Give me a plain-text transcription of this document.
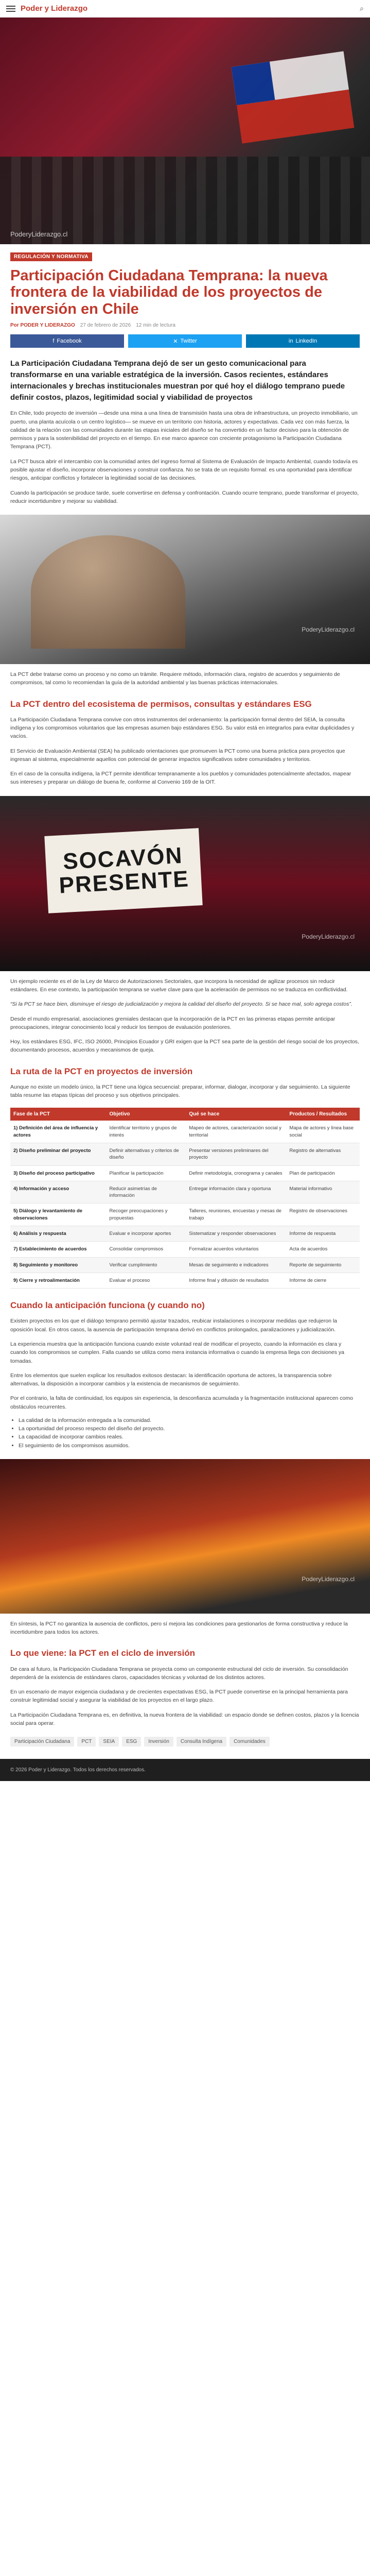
Poder y Liderazgo	⌕
PoderyLiderazgo.cl
REGULACIÓN Y NORMATIVA
Participación Ciudadana Temprana: la nueva frontera de la viabilidad de los proyectos de inversión en Chile
Por PODER Y LIDERAZGO 27 de febrero de 2026 12 min de lectura
f Facebook	✕ Twitter	in LinkedIn

La Participación Ciudadana Temprana dejó de ser un gesto comunicacional para transformarse en una variable estratégica de la inversión. Casos recientes, estándares internacionales y brechas institucionales muestran por qué hoy el diálogo temprano puede definir costos, plazos, legitimidad social y viabilidad de proyectos

En Chile, todo proyecto de inversión —desde una mina a una línea de transmisión hasta una obra de infraestructura, un proyecto inmobiliario, un puerto, una planta acuícola o un centro logístico— se mueve en un territorio con historia, actores y expectativas. Cada vez con más fuerza, la calidad de la relación con las comunidades durante las etapas iniciales del diseño se ha convertido en un factor decisivo para la obtención de permisos y para la sostenibilidad del proyecto en el tiempo. En ese marco aparece con creciente protagonismo la Participación Ciudadana Temprana (PCT).

La PCT busca abrir el intercambio con la comunidad antes del ingreso formal al Sistema de Evaluación de Impacto Ambiental, cuando todavía es posible ajustar el diseño, incorporar observaciones y construir confianza. No se trata de un requisito formal: es una oportunidad para identificar riesgos, anticipar conflictos y fortalecer la legitimidad social de las decisiones.

Cuando la participación se produce tarde, suele convertirse en defensa y confrontación. Cuando ocurre temprano, puede transformar el proyecto, reducir incertidumbre y mejorar su viabilidad.

PoderyLiderazgo.cl

La PCT debe tratarse como un proceso y no como un trámite. Requiere método, información clara, registro de acuerdos y seguimiento de compromisos, tal como lo recomiendan la guía de la autoridad ambiental y las buenas prácticas internacionales.

La PCT dentro del ecosistema de permisos, consultas y estándares ESG

La Participación Ciudadana Temprana convive con otros instrumentos del ordenamiento: la participación formal dentro del SEIA, la consulta indígena y los compromisos voluntarios que las empresas asumen bajo estándares ESG. Su valor está en integrarlos para evitar duplicidades y vacíos.

El Servicio de Evaluación Ambiental (SEA) ha publicado orientaciones que promueven la PCT como una buena práctica para proyectos que ingresan al sistema, especialmente aquellos con potencial de generar impactos significativos sobre comunidades y territorios.

En el caso de la consulta indígena, la PCT permite identificar tempranamente a los pueblos y comunidades potencialmente afectados, mapear sus intereses y preparar un diálogo de buena fe, conforme al Convenio 169 de la OIT.

SOCAVÓN PRESENTE
PoderyLiderazgo.cl

Un ejemplo reciente es el de la Ley de Marco de Autorizaciones Sectoriales, que incorpora la necesidad de agilizar procesos sin reducir estándares. En ese contexto, la participación temprana se vuelve clave para que la aceleración de permisos no se traduzca en conflictividad.

“Si la PCT se hace bien, disminuye el riesgo de judicialización y mejora la calidad del diseño del proyecto. Si se hace mal, solo agrega costos”.

Desde el mundo empresarial, asociaciones gremiales destacan que la incorporación de la PCT en las primeras etapas permite anticipar preocupaciones, integrar conocimiento local y reducir los tiempos de evaluación posteriores.

Hoy, los estándares ESG, IFC, ISO 26000, Principios Ecuador y GRI exigen que la PCT sea parte de la gestión del riesgo social de los proyectos, documentando procesos, acuerdos y mecanismos de queja.

La ruta de la PCT en proyectos de inversión

Aunque no existe un modelo único, la PCT tiene una lógica secuencial: preparar, informar, dialogar, incorporar y dar seguimiento. La siguiente tabla resume las etapas típicas del proceso y sus objetivos principales.

Fase de la PCT	Objetivo	Qué se hace	Productos / Resultados
1) Definición del área de influencia y actores	Identificar territorio y grupos de interés	Mapeo de actores, caracterización social y territorial	Mapa de actores y línea base social
2) Diseño preliminar del proyecto	Definir alternativas y criterios de diseño	Presentar versiones preliminares del proyecto	Registro de alternativas
3) Diseño del proceso participativo	Planificar la participación	Definir metodología, cronograma y canales	Plan de participación
4) Información y acceso	Reducir asimetrías de información	Entregar información clara y oportuna	Material informativo
5) Diálogo y levantamiento de observaciones	Recoger preocupaciones y propuestas	Talleres, reuniones, encuestas y mesas de trabajo	Registro de observaciones
6) Análisis y respuesta	Evaluar e incorporar aportes	Sistematizar y responder observaciones	Informe de respuesta
7) Establecimiento de acuerdos	Consolidar compromisos	Formalizar acuerdos voluntarios	Acta de acuerdos
8) Seguimiento y monitoreo	Verificar cumplimiento	Mesas de seguimiento e indicadores	Reporte de seguimiento
9) Cierre y retroalimentación	Evaluar el proceso	Informe final y difusión de resultados	Informe de cierre
Cuando la anticipación funciona (y cuando no)

Existen proyectos en los que el diálogo temprano permitió ajustar trazados, reubicar instalaciones o incorporar medidas que redujeron la oposición local. En otros casos, la ausencia de participación temprana derivó en conflictos prolongados, paralizaciones y judicialización.

La experiencia muestra que la anticipación funciona cuando existe voluntad real de modificar el proyecto, cuando la información es clara y cuando los compromisos se cumplen. Falla cuando se utiliza como mera instancia informativa o cuando la empresa llega con decisiones ya tomadas.

Entre los elementos que suelen explicar los resultados exitosos destacan: la identificación oportuna de actores, la transparencia sobre alternativas, la disposición a incorporar cambios y la existencia de mecanismos de seguimiento.

Por el contrario, la falta de continuidad, los equipos sin experiencia, la desconfianza acumulada y la fragmentación institucional aparecen como obstáculos recurrentes.

• La calidad de la información entregada a la comunidad.
• La oportunidad del proceso respecto del diseño del proyecto.
• La capacidad de incorporar cambios reales.
• El seguimiento de los compromisos asumidos.
PoderyLiderazgo.cl

En síntesis, la PCT no garantiza la ausencia de conflictos, pero sí mejora las condiciones para gestionarlos de forma constructiva y reduce la incertidumbre para todos los actores.

Lo que viene: la PCT en el ciclo de inversión

De cara al futuro, la Participación Ciudadana Temprana se proyecta como un componente estructural del ciclo de inversión. Su consolidación dependerá de la existencia de estándares claros, capacidades técnicas y voluntad de los distintos actores.

En un escenario de mayor exigencia ciudadana y de crecientes expectativas ESG, la PCT puede convertirse en la principal herramienta para construir legitimidad social y asegurar la viabilidad de los proyectos en el largo plazo.

La Participación Ciudadana Temprana es, en definitiva, la nueva frontera de la viabilidad: un espacio donde se definen costos, plazos y la licencia social para operar.

Participación Ciudadana	PCT	SEIA	ESG	Inversión	Consulta Indígena	Comunidades
© 2026 Poder y Liderazgo. Todos los derechos reservados.
